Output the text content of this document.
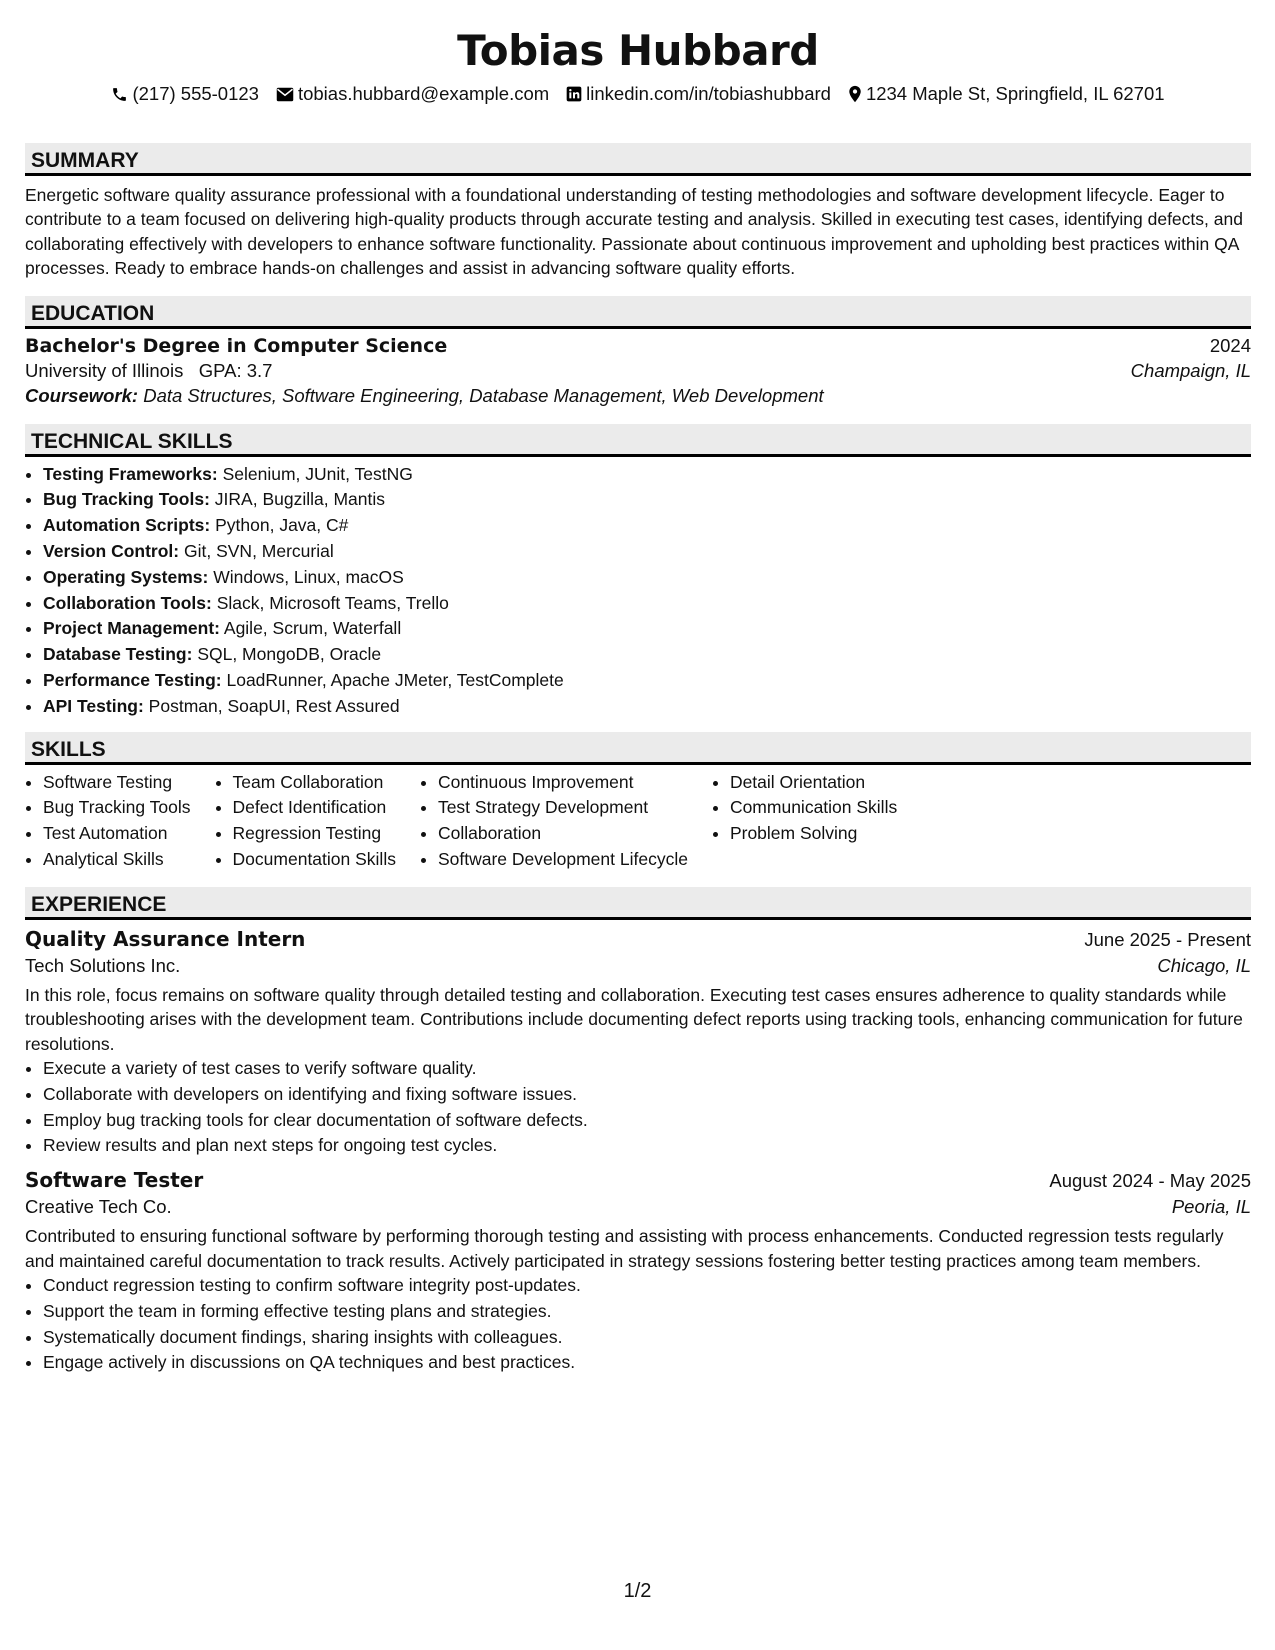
Tobias Hubbard
(217) 555-0123 tobias.hubbard@example.com linkedin.com/in/tobiashubbard 1234 Maple St, Springfield, IL 62701
SUMMARY
Energetic software quality assurance professional with a foundational understanding of testing methodologies and software development lifecycle. Eager to contribute to a team focused on delivering high-quality products through accurate testing and analysis. Skilled in executing test cases, identifying defects, and collaborating effectively with developers to enhance software functionality. Passionate about continuous improvement and upholding best practices within QA processes. Ready to embrace hands-on challenges and assist in advancing software quality efforts.
EDUCATION
Bachelor's Degree in Computer Science	2024
University of Illinois GPA: 3.7	Champaign, IL
Coursework: Data Structures, Software Engineering, Database Management, Web Development
TECHNICAL SKILLS
• Testing Frameworks: Selenium, JUnit, TestNG
• Bug Tracking Tools: JIRA, Bugzilla, Mantis
• Automation Scripts: Python, Java, C#
• Version Control: Git, SVN, Mercurial
• Operating Systems: Windows, Linux, macOS
• Collaboration Tools: Slack, Microsoft Teams, Trello
• Project Management: Agile, Scrum, Waterfall
• Database Testing: SQL, MongoDB, Oracle
• Performance Testing: LoadRunner, Apache JMeter, TestComplete
• API Testing: Postman, SoapUI, Rest Assured
SKILLS
• Software Testing
• Bug Tracking Tools
• Test Automation
• Analytical Skills
• Team Collaboration
• Defect Identification
• Regression Testing
• Documentation Skills
• Continuous Improvement
• Test Strategy Development
• Collaboration
• Software Development Lifecycle
• Detail Orientation
• Communication Skills
• Problem Solving
EXPERIENCE
Quality Assurance Intern	June 2025 - Present
Tech Solutions Inc.	Chicago, IL
In this role, focus remains on software quality through detailed testing and collaboration. Executing test cases ensures adherence to quality standards while troubleshooting arises with the development team. Contributions include documenting defect reports using tracking tools, enhancing communication for future resolutions.
• Execute a variety of test cases to verify software quality.
• Collaborate with developers on identifying and fixing software issues.
• Employ bug tracking tools for clear documentation of software defects.
• Review results and plan next steps for ongoing test cycles.
Software Tester	August 2024 - May 2025
Creative Tech Co.	Peoria, IL
Contributed to ensuring functional software by performing thorough testing and assisting with process enhancements. Conducted regression tests regularly and maintained careful documentation to track results. Actively participated in strategy sessions fostering better testing practices among team members.
• Conduct regression testing to confirm software integrity post-updates.
• Support the team in forming effective testing plans and strategies.
• Systematically document findings, sharing insights with colleagues.
• Engage actively in discussions on QA techniques and best practices.
1/2
